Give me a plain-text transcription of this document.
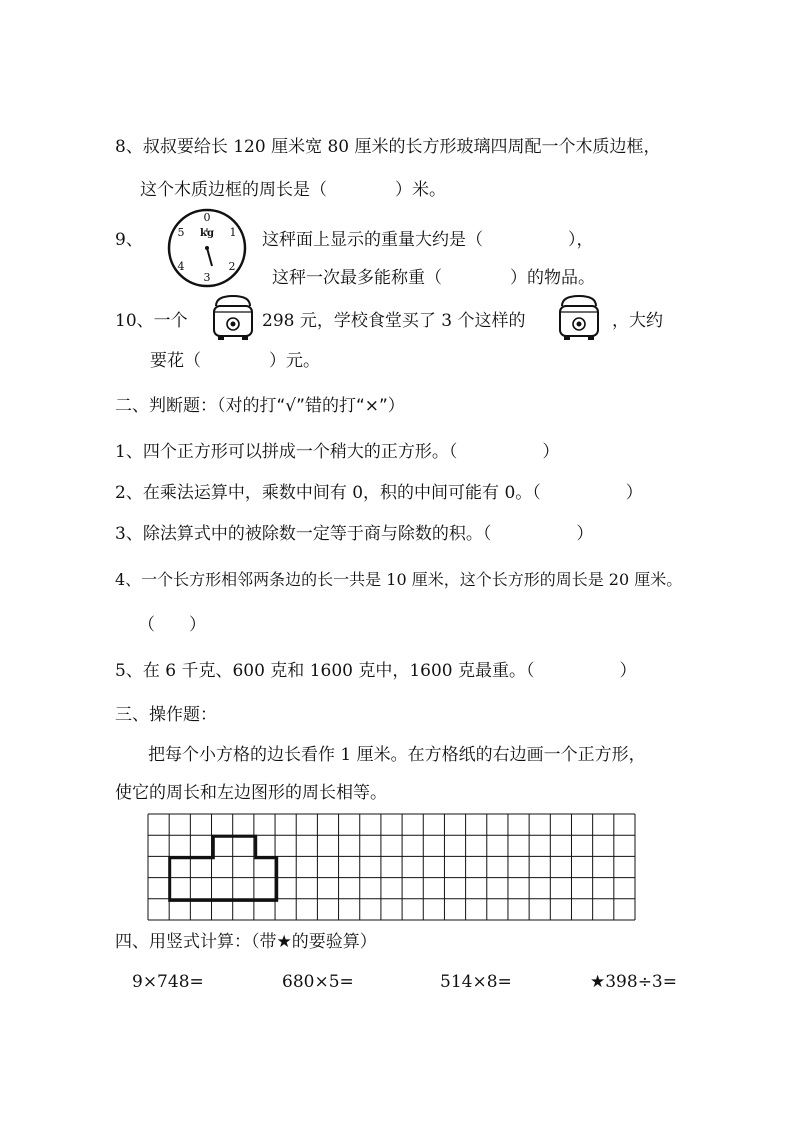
8、叔叔要给长 120 厘米宽 80 厘米的长方形玻璃四周配一个木质边框，
这个木质边框的周长是（　　　　）米。
9、
0
1
2
3
4
5 kg	这秤面上显示的重量大约是（　　　　　），
这秤一次最多能称重（　　　　）的物品。
10、一个	298 元，学校食堂买了 3 个这样的	，大约
要花（　　　　）元。
二、判断题：（对的打“√”错的打“×”）
1、四个正方形可以拼成一个稍大的正方形。（　　　　　）
2、在乘法运算中，乘数中间有 0，积的中间可能有 0。（　　　　　）
3、除法算式中的被除数一定等于商与除数的积。（　　　　　）
4、一个长方形相邻两条边的长一共是 10 厘米，这个长方形的周长是 20 厘米。
（　　）
5、在 6 千克、600 克和 1600 克中，1600 克最重。（　　　　　）
三、操作题：
把每个小方格的边长看作 1 厘米。在方格纸的右边画一个正方形，
使它的周长和左边图形的周长相等。
四、用竖式计算：（带★的要验算）
9×748=	680×5=	514×8=	★398÷3=
